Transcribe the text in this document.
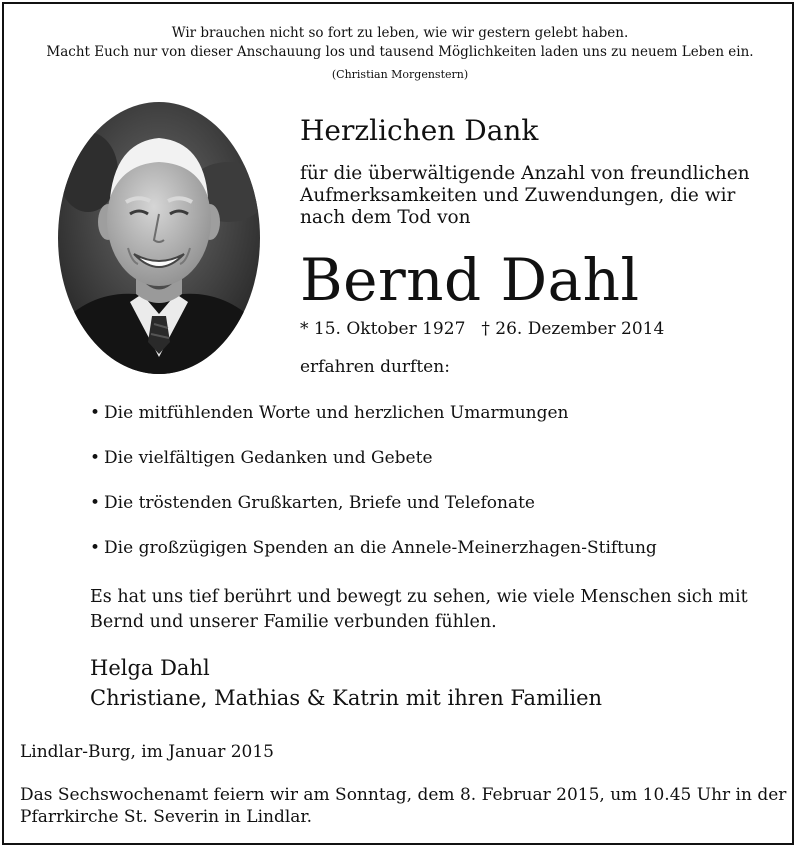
Wir brauchen nicht so fort zu leben, wie wir gestern gelebt haben.
Macht Euch nur von dieser Anschauung los und tausend Möglichkeiten laden uns zu neuem Leben ein.
(Christian Morgenstern)
Herzlichen Dank
für die überwältigende Anzahl von freundlichen Aufmerksamkeiten und Zuwendungen, die wir nach dem Tod von
Bernd Dahl
* 15. Oktober 1927 † 26. Dezember 2014
erfahren durften:
• Die mitfühlenden Worte und herzlichen Umarmungen
• Die vielfältigen Gedanken und Gebete
• Die tröstenden Grußkarten, Briefe und Telefonate
• Die großzügigen Spenden an die Annele-Meinerzhagen-Stiftung
Es hat uns tief berührt und bewegt zu sehen, wie viele Menschen sich mit Bernd und unserer Familie verbunden fühlen.
Helga Dahl
Christiane, Mathias & Katrin mit ihren Familien
Lindlar-Burg, im Januar 2015
Das Sechswochenamt feiern wir am Sonntag, dem 8. Februar 2015, um 10.45 Uhr in der Pfarrkirche St. Severin in Lindlar.
